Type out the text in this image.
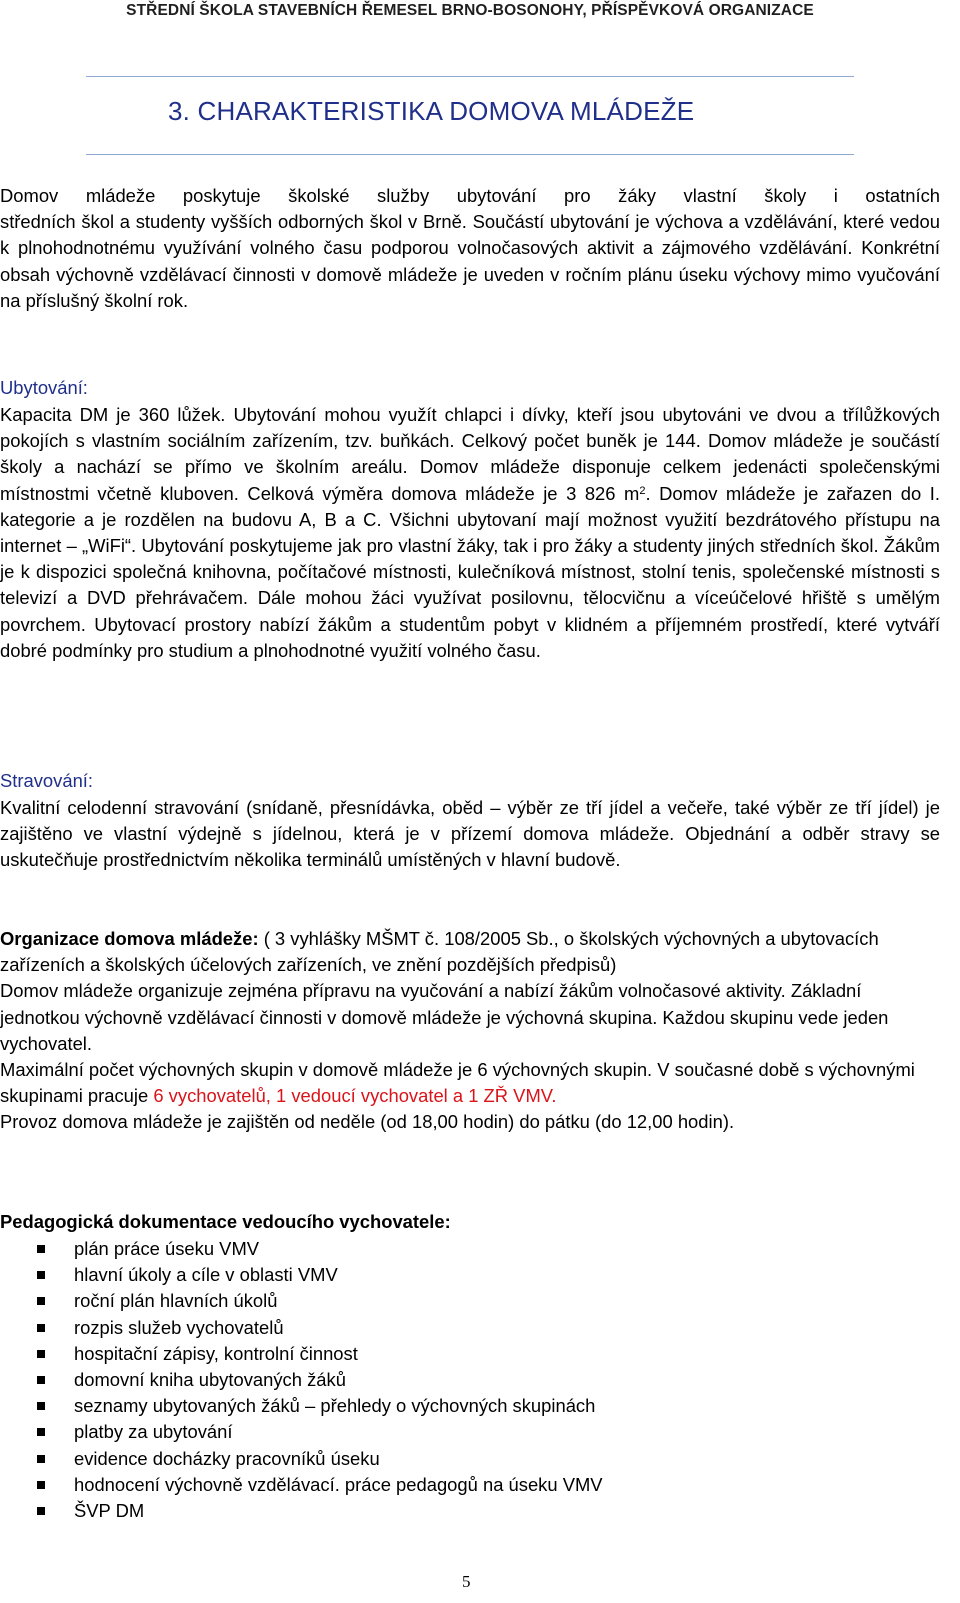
STŘEDNÍ ŠKOLA STAVEBNÍCH ŘEMESEL BRNO-BOSONOHY, PŘÍSPĚVKOVÁ ORGANIZACE
3. CHARAKTERISTIKA DOMOVA MLÁDEŽE
Domov mládeže poskytuje školské služby ubytování pro žáky vlastní školy i ostatních
středních škol a studenty vyšších odborných škol v Brně. Součástí ubytování je výchova a vzdělávání, které vedou k plnohodnotnému využívání volného času podporou volnočasových aktivit a zájmového vzdělávání. Konkrétní obsah výchovně vzdělávací činnosti v domově mládeže je uveden v ročním plánu úseku výchovy mimo vyučování na příslušný školní rok.
Ubytování:
Kapacita DM je 360 lůžek. Ubytování mohou využít chlapci i dívky, kteří jsou ubytováni ve dvou a třílůžkových pokojích s vlastním sociálním zařízením, tzv. buňkách. Celkový počet buněk je 144. Domov mládeže je součástí školy a nachází se přímo ve školním areálu. Domov mládeže disponuje celkem jedenácti společenskými místnostmi včetně kluboven. Celková výměra domova mládeže je 3 826 $m^2$. Domov mládeže je zařazen do I. kategorie a je rozdělen na budovu A, B a C. Všichni ubytovaní mají možnost využití bezdrátového přístupu na internet – „WiFi“. Ubytování poskytujeme jak pro vlastní žáky, tak i pro žáky a studenty jiných středních škol. Žákům je k dispozici společná knihovna, počítačové místnosti, kulečníková místnost, stolní tenis, společenské místnosti s televizí a DVD přehrávačem. Dále mohou žáci využívat posilovnu, tělocvičnu a víceúčelové hřiště s umělým povrchem. Ubytovací prostory nabízí žákům a studentům pobyt v klidném a příjemném prostředí, které vytváří dobré podmínky pro studium a plnohodnotné využití volného času.
Stravování:
Kvalitní celodenní stravování (snídaně, přesnídávka, oběd – výběr ze tří jídel a večeře, také výběr ze tří jídel) je zajištěno ve vlastní výdejně s jídelnou, která je v přízemí domova mládeže. Objednání a odběr stravy se uskutečňuje prostřednictvím několika terminálů umístěných v hlavní budově.
Organizace domova mládeže: ( 3 vyhlášky MŠMT č. 108/2005 Sb., o školských výchovných a ubytovacích zařízeních a školských účelových zařízeních, ve znění pozdějších předpisů)
Domov mládeže organizuje zejména přípravu na vyučování a nabízí žákům volnočasové aktivity. Základní jednotkou výchovně vzdělávací činnosti v domově mládeže je výchovná skupina. Každou skupinu vede jeden vychovatel.
Maximální počet výchovných skupin v domově mládeže je 6 výchovných skupin. V současné době s výchovnými skupinami pracuje 6 vychovatelů, 1 vedoucí vychovatel a 1 ZŘ VMV.
Provoz domova mládeže je zajištěn od neděle (od 18,00 hodin) do pátku (do 12,00 hodin).
Pedagogická dokumentace vedoucího vychovatele:
plán práce úseku VMV
hlavní úkoly a cíle v oblasti VMV
roční plán hlavních úkolů
rozpis služeb vychovatelů
hospitační zápisy, kontrolní činnost
domovní kniha ubytovaných žáků
seznamy ubytovaných žáků – přehledy o výchovných skupinách
platby za ubytování
evidence docházky pracovníků úseku
hodnocení výchovně vzdělávací. práce pedagogů na úseku VMV
ŠVP DM
5
